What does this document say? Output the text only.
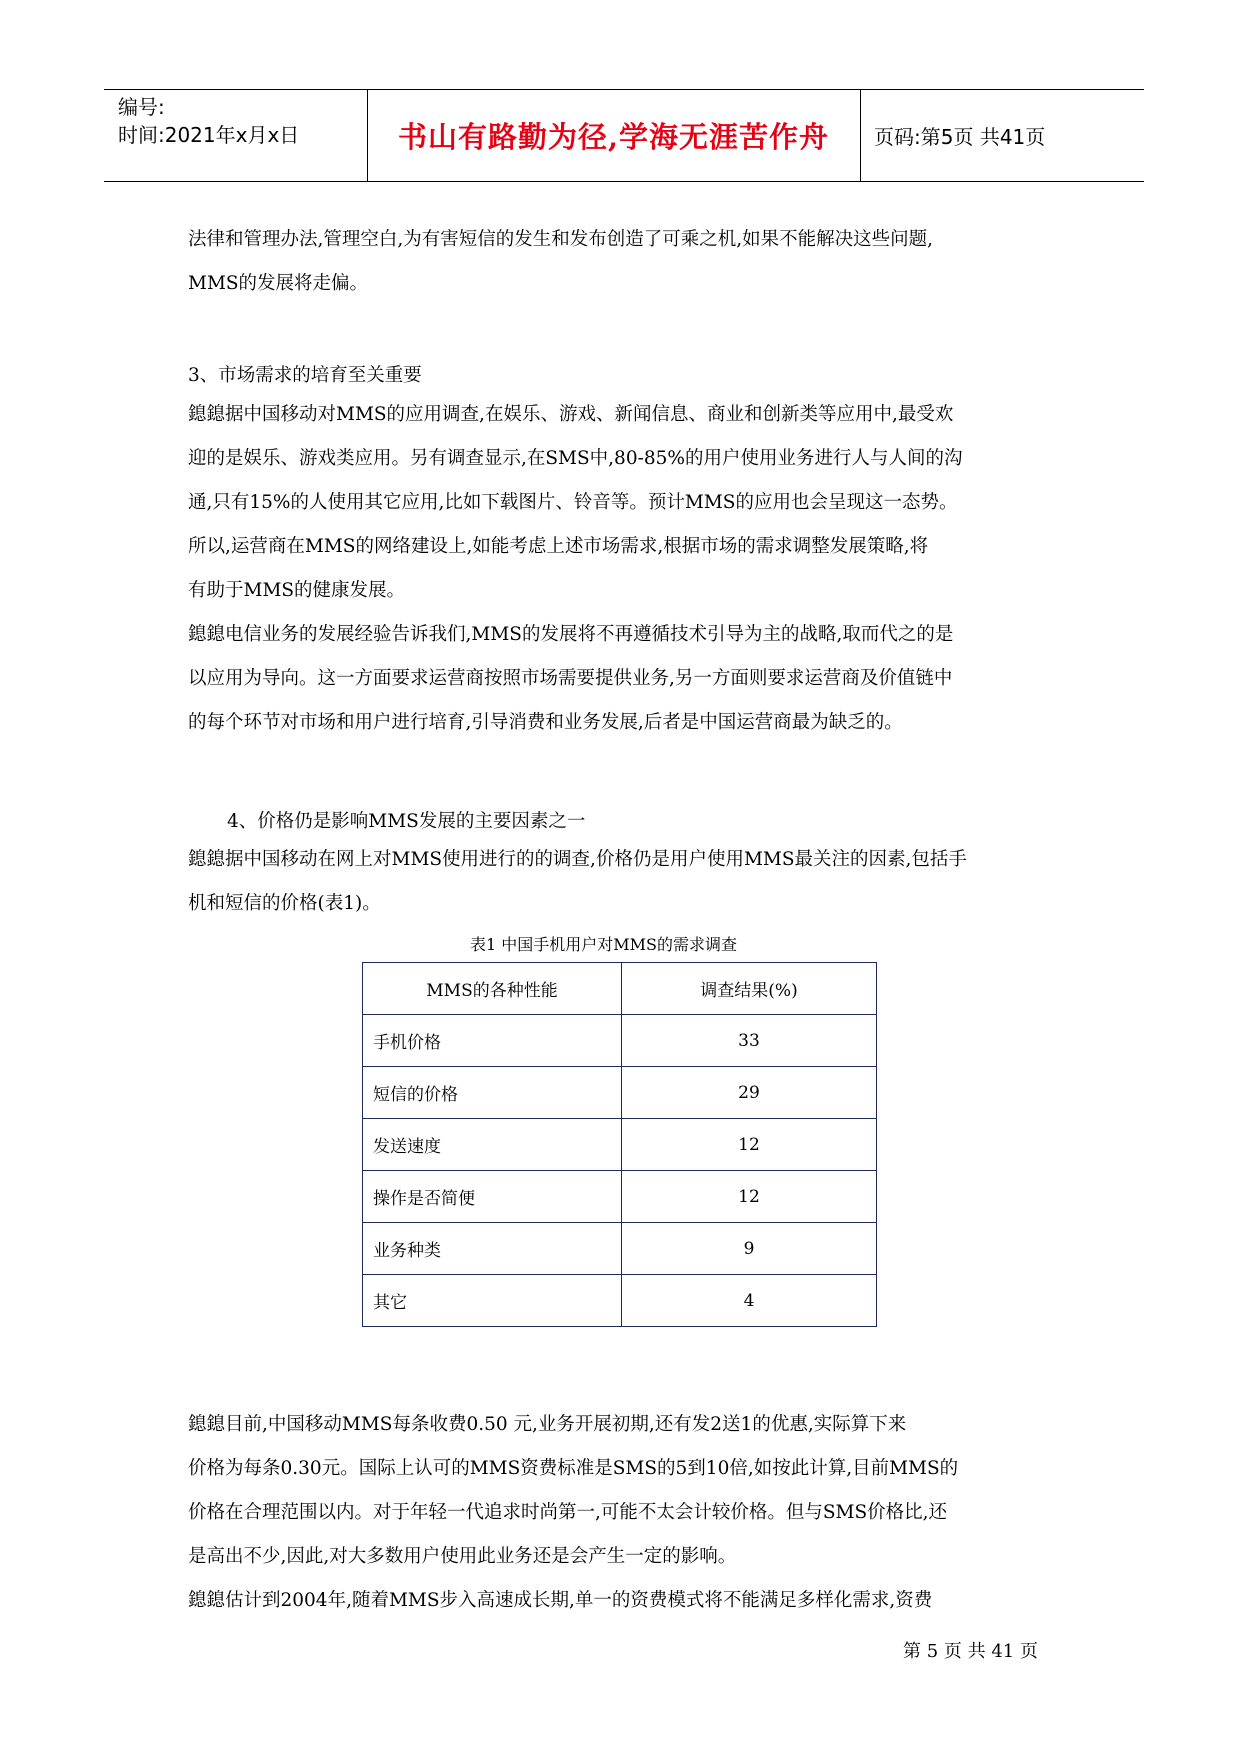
编号:
时间:2021年x月x日	书山有路勤为径,学海无涯苦作舟	页码:第5页 共41页
法律和管理办法,管理空白,为有害短信的发生和发布创造了可乘之机,如果不能解决这些问题,
MMS的发展将走偏。
3、市场需求的培育至关重要
鎴鎴据中国移动对MMS的应用调查,在娱乐、游戏、新闻信息、商业和创新类等应用中,最受欢
迎的是娱乐、游戏类应用。另有调查显示,在SMS中,80-85%的用户使用业务进行人与人间的沟
通,只有15%的人使用其它应用,比如下载图片、铃音等。预计MMS的应用也会呈现这一态势。
所以,运营商在MMS的网络建设上,如能考虑上述市场需求,根据市场的需求调整发展策略,将
有助于MMS的健康发展。
鎴鎴电信业务的发展经验告诉我们,MMS的发展将不再遵循技术引导为主的战略,取而代之的是
以应用为导向。这一方面要求运营商按照市场需要提供业务,另一方面则要求运营商及价值链中
的每个环节对市场和用户进行培育,引导消费和业务发展,后者是中国运营商最为缺乏的。
4、价格仍是影响MMS发展的主要因素之一
鎴鎴据中国移动在网上对MMS使用进行的的调查,价格仍是用户使用MMS最关注的因素,包括手
机和短信的价格(表1)。
表1 中国手机用户对MMS的需求调查
MMS的各种性能	调查结果(%)
手机价格	33
短信的价格	29
发送速度	12
操作是否简便	12
业务种类	9
其它	4
鎴鎴目前,中国移动MMS每条收费0.50 元,业务开展初期,还有发2送1的优惠,实际算下来
价格为每条0.30元。国际上认可的MMS资费标准是SMS的5到10倍,如按此计算,目前MMS的
价格在合理范围以内。对于年轻一代追求时尚第一,可能不太会计较价格。但与SMS价格比,还
是高出不少,因此,对大多数用户使用此业务还是会产生一定的影响。
鎴鎴估计到2004年,随着MMS步入高速成长期,单一的资费模式将不能满足多样化需求,资费
第 5 页 共 41 页
